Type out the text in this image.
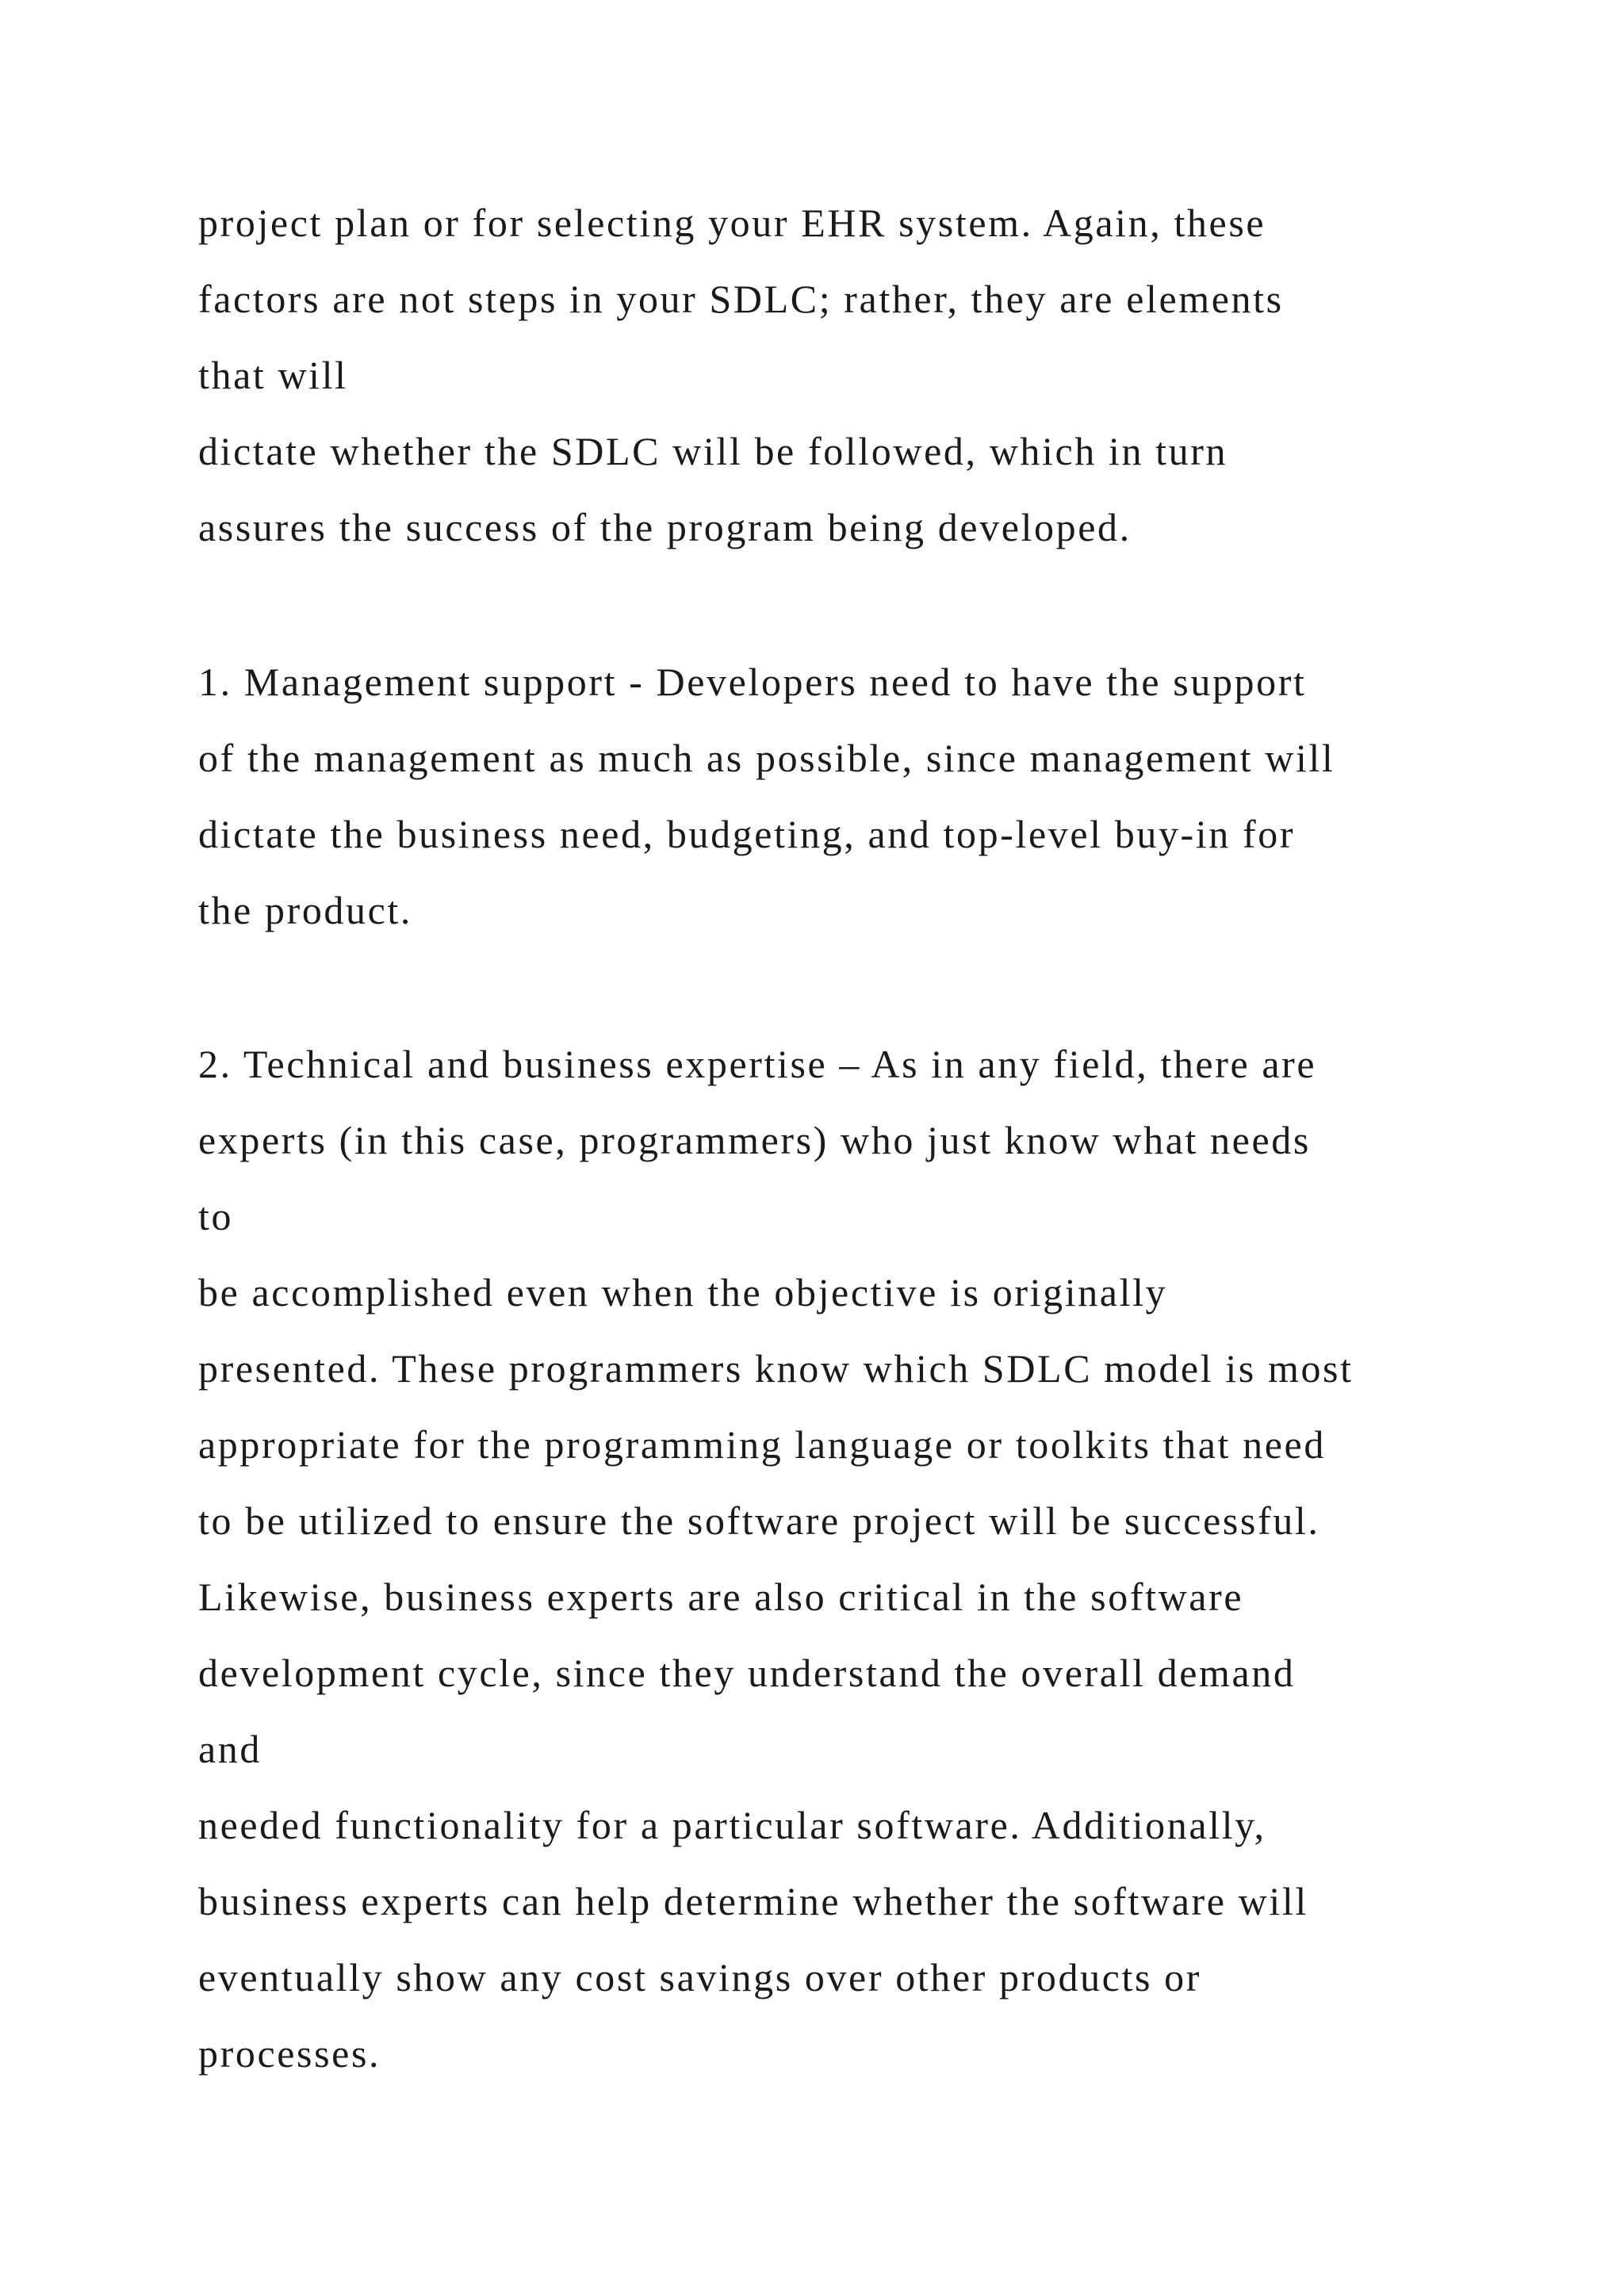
project plan or for selecting your EHR system. Again, these
factors are not steps in your SDLC; rather, they are elements
that will
dictate whether the SDLC will be followed, which in turn
assures the success of the program being developed.
1. Management support - Developers need to have the support
of the management as much as possible, since management will
dictate the business need, budgeting, and top-level buy-in for
the product.
2. Technical and business expertise – As in any field, there are
experts (in this case, programmers) who just know what needs
to
be accomplished even when the objective is originally
presented. These programmers know which SDLC model is most
appropriate for the programming language or toolkits that need
to be utilized to ensure the software project will be successful.
Likewise, business experts are also critical in the software
development cycle, since they understand the overall demand
and
needed functionality for a particular software. Additionally,
business experts can help determine whether the software will
eventually show any cost savings over other products or
processes.
